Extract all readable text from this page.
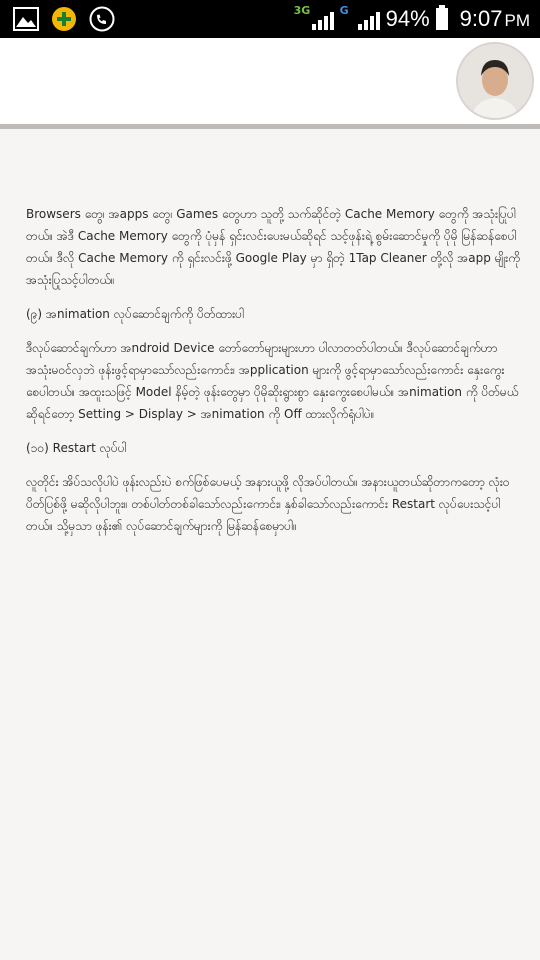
3G	G 94% 9:07 PM

Browsers တွေ၊ အapps တွေ၊ Games တွေဟာ သူတို့ သက်ဆိုင်တဲ့ Cache Memory တွေကို အသုံးပြုပါတယ်။ အဲဒီ Cache Memory တွေကို ပုံမှန် ရှင်းလင်းပေးမယ်ဆိုရင် သင့်ဖုန်းရဲ့ စွမ်းဆောင်မှုကို ပိုမို မြန်ဆန်စေပါတယ်။ ဒီလို Cache Memory ကို ရှင်းလင်းဖို့ Google Play မှာ ရှိတဲ့ 1Tap Cleaner တို့လို အapp မျိုးကို အသုံးပြုသင့်ပါတယ်။

(၉) အnimation လုပ်ဆောင်ချက်ကို ပိတ်ထားပါ

ဒီလုပ်ဆောင်ချက်ဟာ အndroid Device တော်တော်များများဟာ ပါလာတတ်ပါတယ်။ ဒီလုပ်ဆောင်ချက်ဟာ အသုံးမဝင်လှဘဲ ဖုန်းဖွင့်ရာမှာသော်လည်းကောင်း၊ အpplication များကို ဖွင့်ရာမှာသော်လည်းကောင်း နှေးကွေး စေပါတယ်။ အထူးသဖြင့် Model နိမ့်တဲ့ ဖုန်းတွေမှာ ပိုမိုဆိုးရွားစွာ နှေးကွေးစေပါမယ်။ အnimation ကို ပိတ်မယ်ဆိုရင်တော့ Setting > Display > အnimation ကို Off ထားလိုက်ရုံပါပဲ။

(၁၀) Restart လုပ်ပါ

လူတိုင်း အိပ်သလိုပါပဲ ဖုန်းလည်းပဲ စက်ဖြစ်ပေမယ့် အနားယူဖို့ လိုအပ်ပါတယ်။ အနားယူတယ်ဆိုတာကတော့ လုံးဝ ပိတ်ပြစ်ဖို့ မဆိုလိုပါဘူး။ တစ်ပါတ်တစ်ခါသော်လည်းကောင်း၊ နှစ်ခါသော်လည်းကောင်း Restart လုပ်ပေးသင့်ပါတယ်။ သို့မှသာ ဖုန်း၏ လုပ်ဆောင်ချက်များကို မြန်ဆန်စေမှာပါ။
